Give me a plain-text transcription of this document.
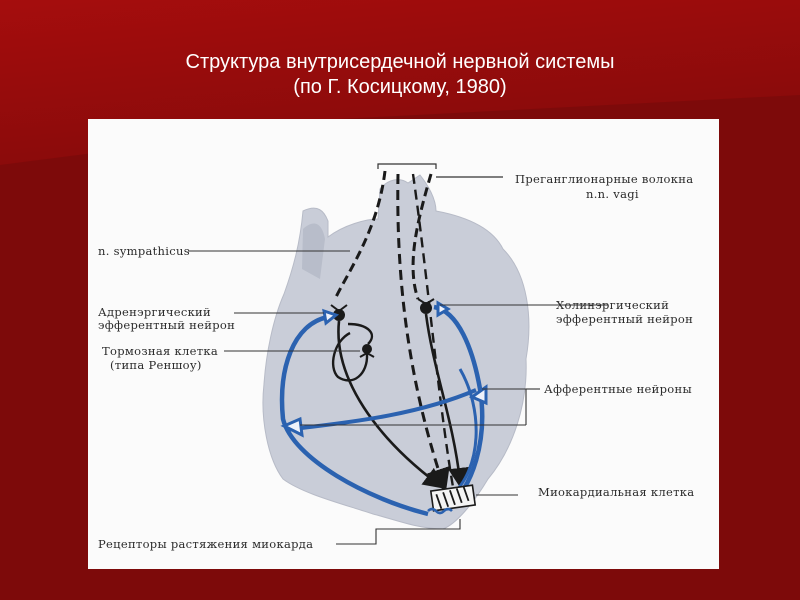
Структура внутрисердечной нервной системы
(по Г. Косицкому, 1980)
Преганглионарные волокна
n.n. vagi
n. sympathicus
Адренэргический
эфферентный нейрон
Холинэргический
эфферентный нейрон
Тормозная клетка
(типа Реншоу)
Афферентные нейроны
Миокардиальная клетка
Рецепторы растяжения миокарда
